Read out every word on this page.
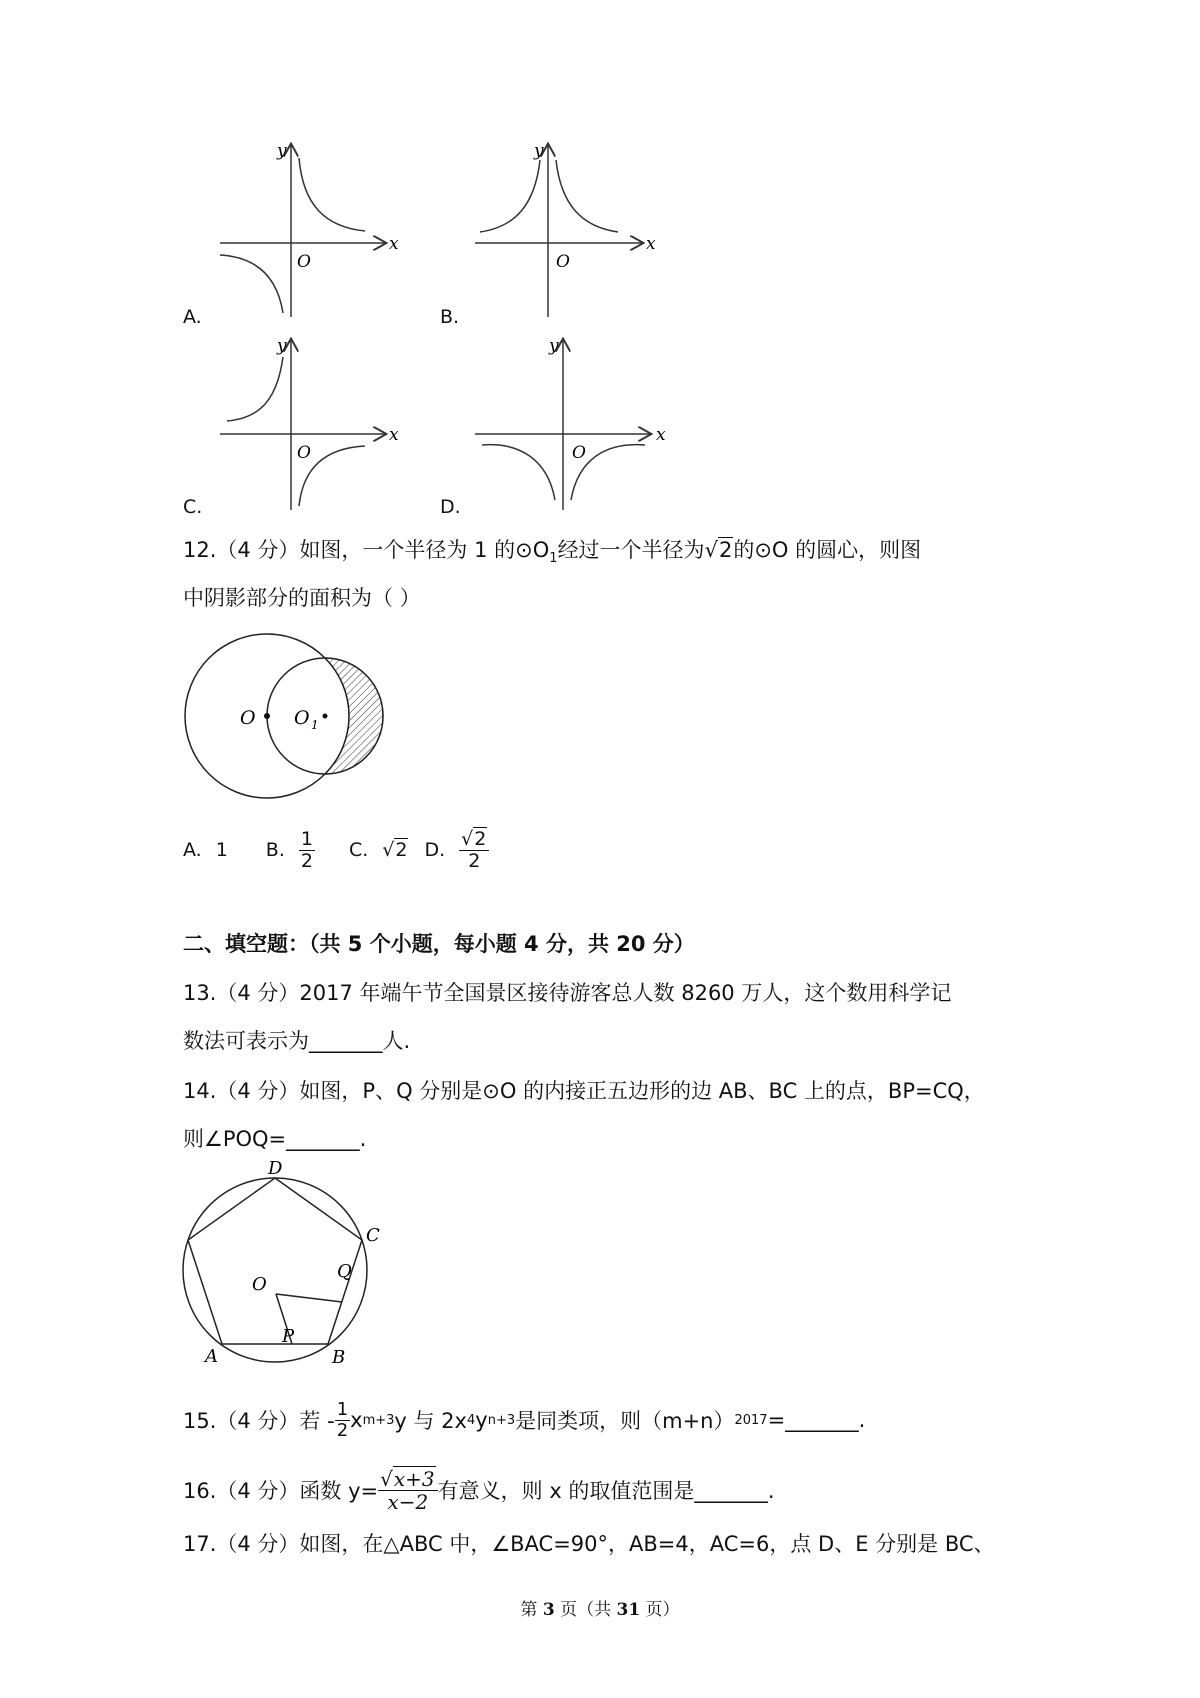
A.
y
x
O
B.
y
x
O
C.
y
x
O
D.
y
x
O
12.（4 分）如图，一个半径为 1 的$⊙O_1$经过一个半径为√2的⊙O 的圆心，则图
中阴影部分的面积为（ ）
O O 1
A. 1 B. $\frac{1}{2} C$. √2 D. $\frac{√2}{2}$
二、填空题：（共 5 个小题，每小题 4 分，共 20 分）
13.（4 分）2017 年端午节全国景区接待游客总人数 8260 万人，这个数用科学记
数法可表示为_______人.
14.（4 分）如图，P、Q 分别是⊙O 的内接正五边形的边 AB、BC 上的点，BP=CQ，
则∠POQ=_______.
D
C
A	B
O
Q
P
15.（4 分）若 - $\frac{1}{2}$ x m+3 y 与 2x 4 y n+3 是同类项，则（m+n） 2017 =_______.
16.（4 分）函数 $y= \frac{√x+3}{x-2}$ 有意义，则 x 的取值范围是_______.
17.（4 分）如图，在△ABC 中，∠BAC=90°，AB=4，AC=6，点 D、E 分别是 BC、
第 3 页（共 31 页）
